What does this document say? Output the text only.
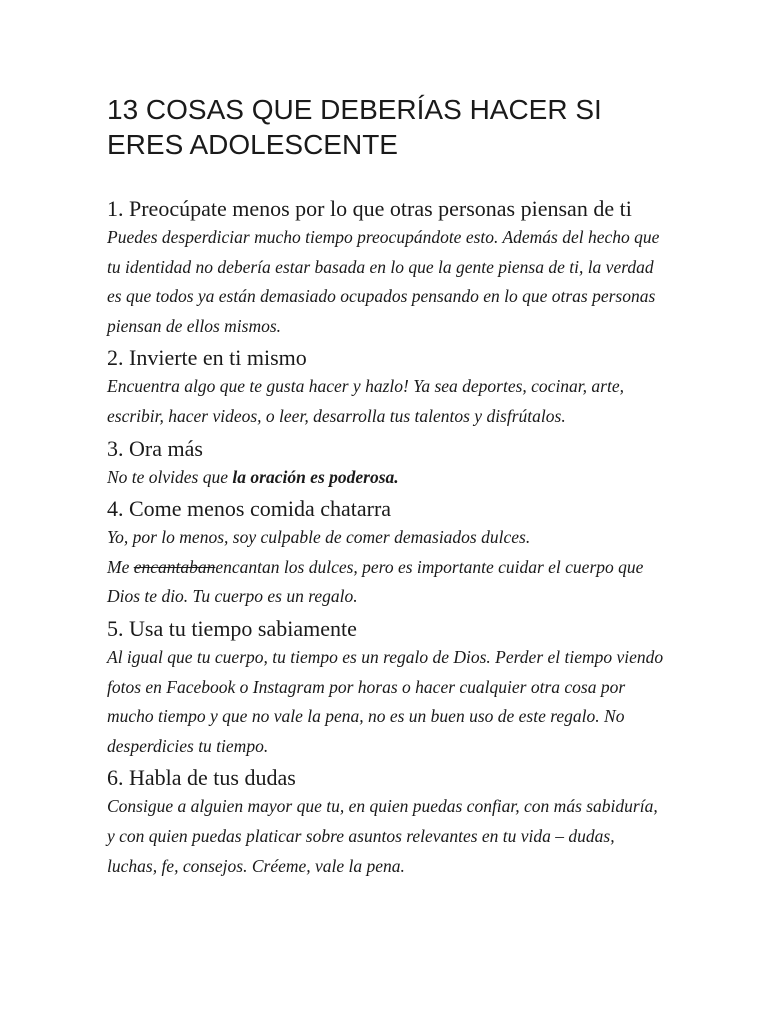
13 COSAS QUE DEBERÍAS HACER SI ERES ADOLESCENTE

1. Preocúpate menos por lo que otras personas piensan de ti

Puedes desperdiciar mucho tiempo preocupándote esto. Además del hecho que tu identidad no debería estar basada en lo que la gente piensa de ti, la verdad es que todos ya están demasiado ocupados pensando en lo que otras personas piensan de ellos mismos.

2. Invierte en ti mismo

Encuentra algo que te gusta hacer y hazlo! Ya sea deportes, cocinar, arte, escribir, hacer videos, o leer, desarrolla tus talentos y disfrútalos.

3. Ora más

No te olvides que la oración es poderosa.

4. Come menos comida chatarra

Yo, por lo menos, soy culpable de comer demasiados dulces.
Me encantabanencantan los dulces, pero es importante cuidar el cuerpo que Dios te dio. Tu cuerpo es un regalo.

5. Usa tu tiempo sabiamente

Al igual que tu cuerpo, tu tiempo es un regalo de Dios. Perder el tiempo viendo fotos en Facebook o Instagram por horas o hacer cualquier otra cosa por mucho tiempo y que no vale la pena, no es un buen uso de este regalo. No desperdicies tu tiempo.

6. Habla de tus dudas

Consigue a alguien mayor que tu, en quien puedas confiar, con más sabiduría, y con quien puedas platicar sobre asuntos relevantes en tu vida – dudas, luchas, fe, consejos. Créeme, vale la pena.
